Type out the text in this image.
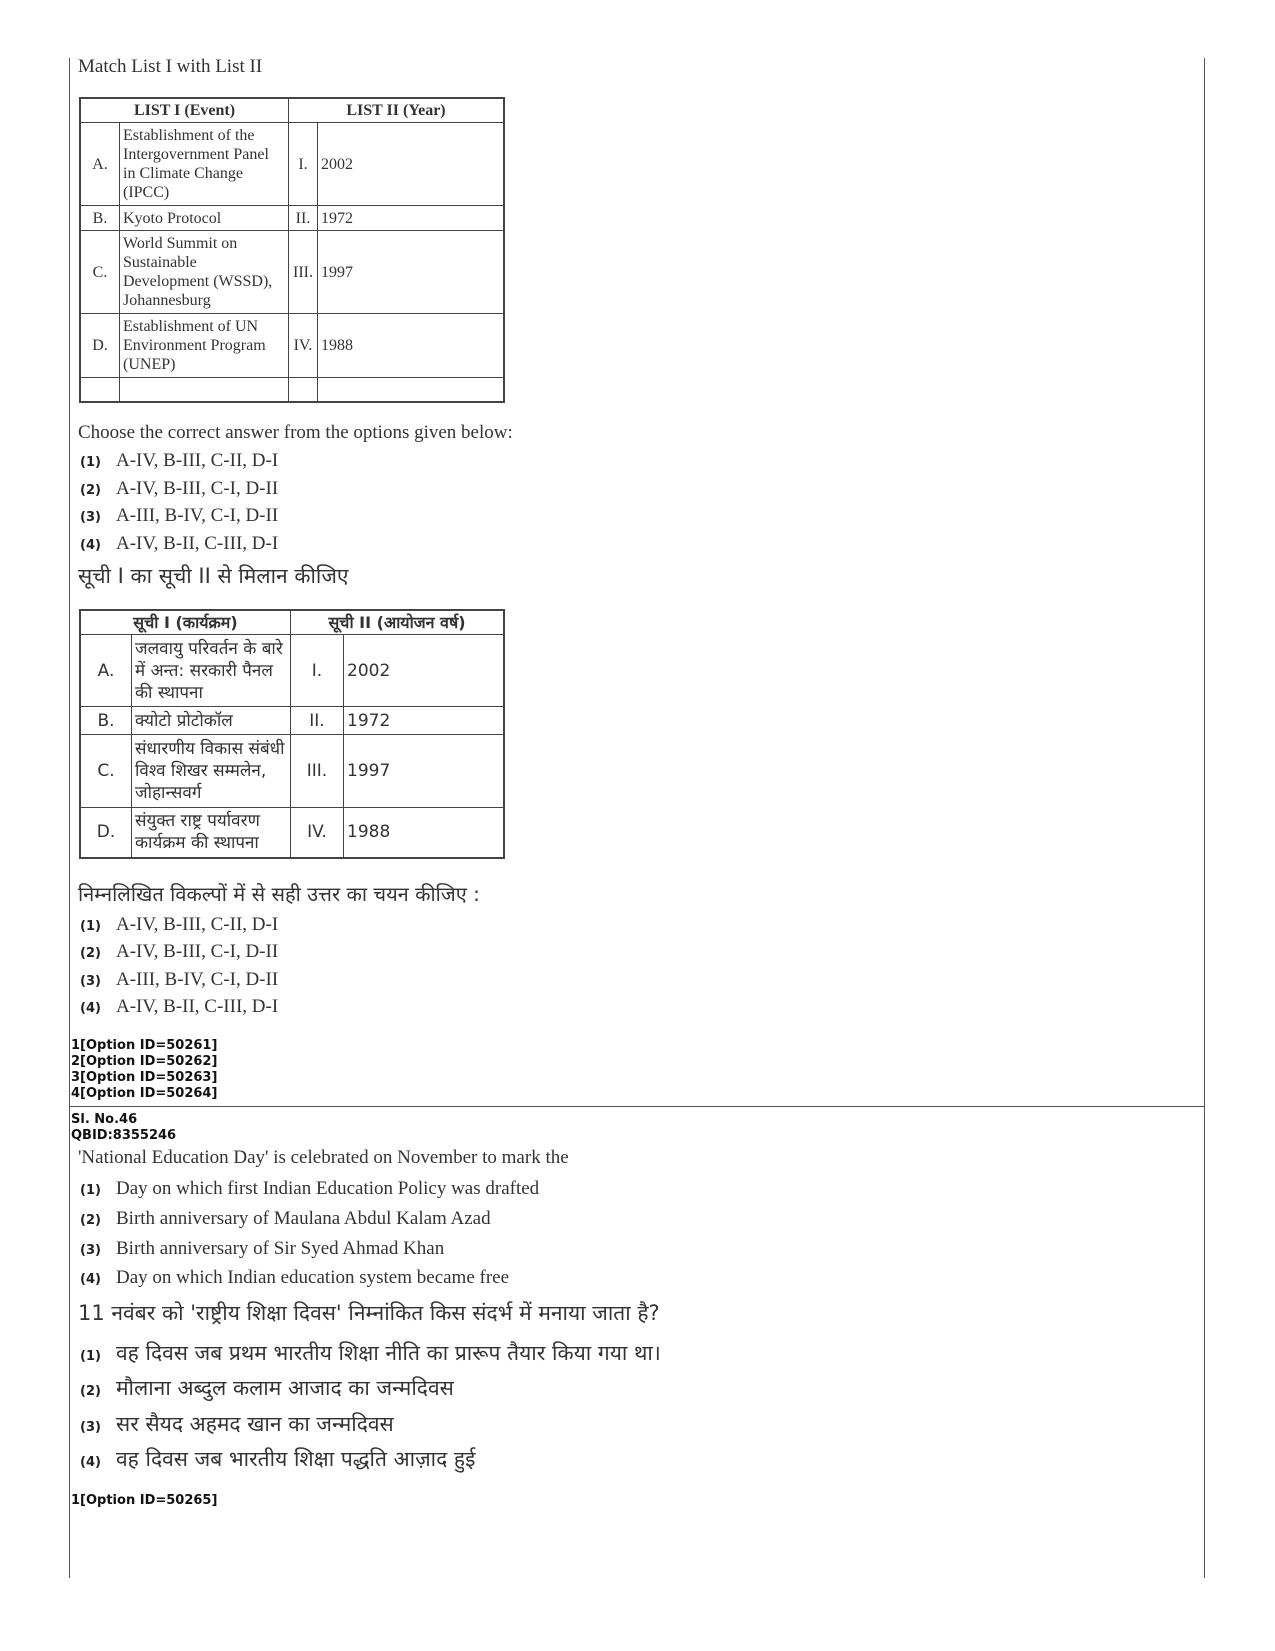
Match List I with List II
LIST I (Event)		LIST II (Year)	
A.	Establishment of the Intergovernment Panel in Climate Change (IPCC)	I.	2002
B.	Kyoto Protocol	II.	1972
C.	World Summit on Sustainable Development (WSSD), Johannesburg	III.	1997
D.	Establishment of UN Environment Program (UNEP)	IV.	1988

Choose the correct answer from the options given below:
(1) A-IV, B-III, C-II, D-I
(2) A-IV, B-III, C-I, D-II
(3) A-III, B-IV, C-I, D-II
(4) A-IV, B-II, C-III, D-I
सूची I का सूची II से मिलान कीजिए
सूची I (कार्यक्रम)		सूची II (आयोजन वर्ष)	
A.	जलवायु परिवर्तन के बारे में अन्त: सरकारी पैनल की स्थापना	I.	2002
B.	क्योटो प्रोटोकॉल	II.	1972
C.	संधारणीय विकास संबंधी विश्व शिखर सम्मलेन, जोहान्सवर्ग	III.	1997
D.	संयुक्त राष्ट्र पर्यावरण कार्यक्रम की स्थापना	IV.	1988
निम्नलिखित विकल्पों में से सही उत्तर का चयन कीजिए :
(1) A-IV, B-III, C-II, D-I
(2) A-IV, B-III, C-I, D-II
(3) A-III, B-IV, C-I, D-II
(4) A-IV, B-II, C-III, D-I
1[Option ID=50261]
2[Option ID=50262]
3[Option ID=50263]
4[Option ID=50264]
Sl. No.46
QBID:8355246
'National Education Day' is celebrated on November to mark the
(1) Day on which first Indian Education Policy was drafted
(2) Birth anniversary of Maulana Abdul Kalam Azad
(3) Birth anniversary of Sir Syed Ahmad Khan
(4) Day on which Indian education system became free
11 नवंबर को 'राष्ट्रीय शिक्षा दिवस' निम्नांकित किस संदर्भ में मनाया जाता है?
(1) वह दिवस जब प्रथम भारतीय शिक्षा नीति का प्रारूप तैयार किया गया था।
(2) मौलाना अब्दुल कलाम आजाद का जन्मदिवस
(3) सर सैयद अहमद खान का जन्मदिवस
(4) वह दिवस जब भारतीय शिक्षा पद्धति आज़ाद हुई
1[Option ID=50265]
